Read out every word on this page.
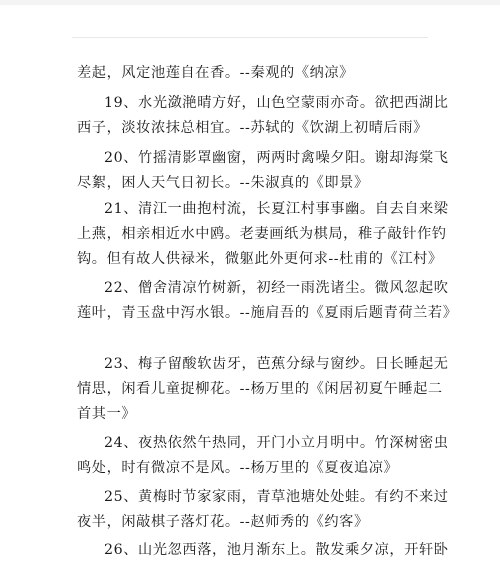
差起，风定池莲自在香。--秦观的《纳凉》
19、水光潋滟晴方好，山色空蒙雨亦奇。欲把西湖比
西子，淡妆浓抹总相宜。--苏轼的《饮湖上初晴后雨》
20、竹摇清影罩幽窗，两两时禽噪夕阳。谢却海棠飞
尽絮，困人天气日初长。--朱淑真的《即景》
21、清江一曲抱村流，长夏江村事事幽。自去自来梁
上燕，相亲相近水中鸥。老妻画纸为棋局，稚子敲针作钓
钩。但有故人供禄米，微躯此外更何求--杜甫的《江村》
22、僧舍清凉竹树新，初经一雨洗诸尘。微风忽起吹
莲叶，青玉盘中泻水银。--施肩吾的《夏雨后题青荷兰若》
23、梅子留酸软齿牙，芭蕉分绿与窗纱。日长睡起无
情思，闲看儿童捉柳花。--杨万里的《闲居初夏午睡起二
首其一》
24、夜热依然午热同，开门小立月明中。竹深树密虫
鸣处，时有微凉不是风。--杨万里的《夏夜追凉》
25、黄梅时节家家雨，青草池塘处处蛙。有约不来过
夜半，闲敲棋子落灯花。--赵师秀的《约客》
26、山光忽西落，池月渐东上。散发乘夕凉，开轩卧
